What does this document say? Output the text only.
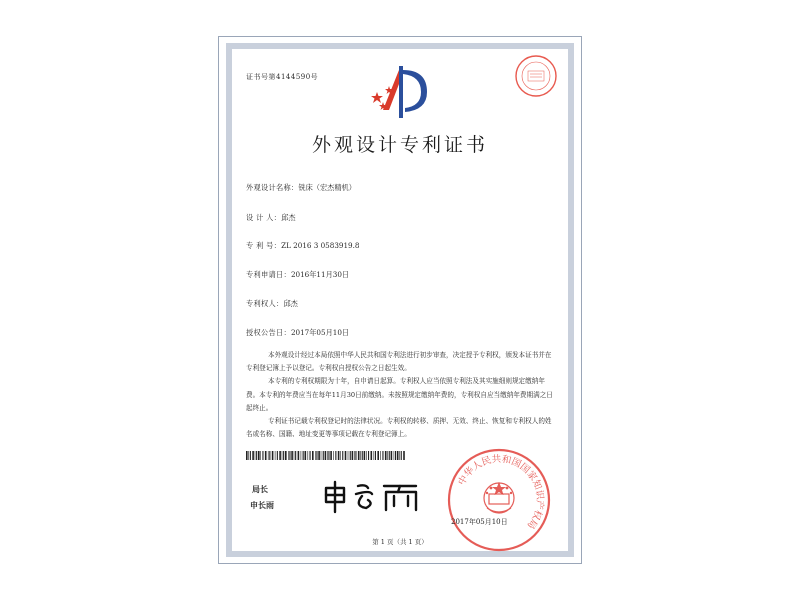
证书号第4144590号
外观设计专利证书
外观设计名称：铣床（宏杰精机）
设 计 人：邱杰
专 利 号：ZL 2016 3 0583919.8
专利申请日：2016年11月30日
专利权人：邱杰
授权公告日：2017年05月10日

本外观设计经过本局依照中华人民共和国专利法进行初步审查，决定授予专利权，颁发本证书并在专利登记簿上予以登记。专利权自授权公告之日起生效。

本专利的专利权期限为十年，自申请日起算。专利权人应当依照专利法及其实施细则规定缴纳年费。本专利的年费应当在每年11月30日前缴纳。未按照规定缴纳年费的，专利权自应当缴纳年费期满之日起终止。

专利证书记载专利权登记时的法律状况。专利权的转移、质押、无效、终止、恢复和专利权人的姓名或名称、国籍、地址变更等事项记载在专利登记簿上。

局长
申长雨
中华人民共和国国家知识产权局
2017年05月10日
第 1 页（共 1 页）
